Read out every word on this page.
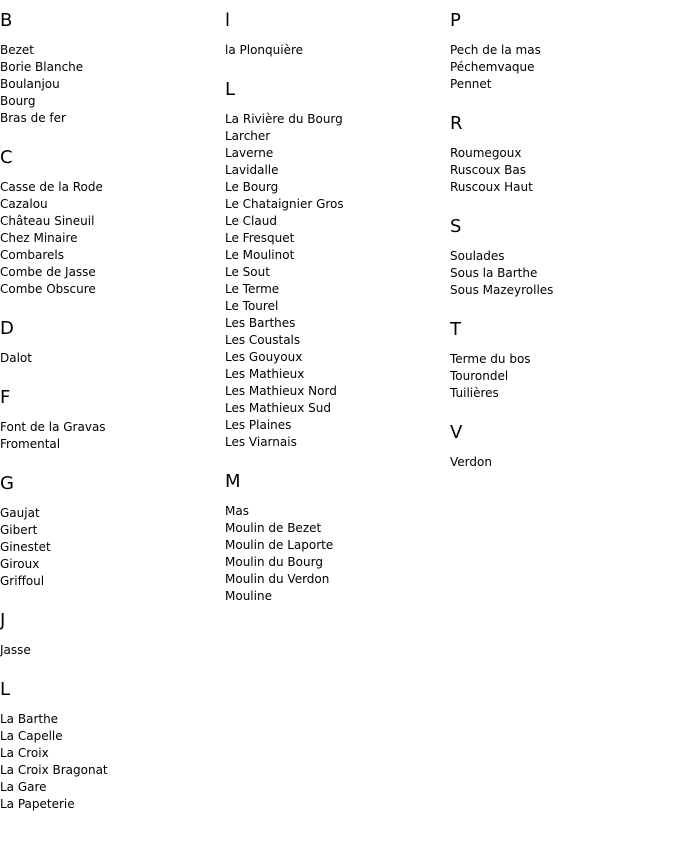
B
Bezet
Borie Blanche
Boulanjou
Bourg
Bras de fer
C
Casse de la Rode
Cazalou
Château Sineuil
Chez Minaire
Combarels
Combe de Jasse
Combe Obscure
D
Dalot
F
Font de la Gravas
Fromental
G
Gaujat
Gibert
Ginestet
Giroux
Griffoul
J
Jasse
L
La Barthe
La Capelle
La Croix
La Croix Bragonat
La Gare
La Papeterie
l
la Plonquière
L
La Rivière du Bourg
Larcher
Laverne
Lavidalle
Le Bourg
Le Chataignier Gros
Le Claud
Le Fresquet
Le Moulinot
Le Sout
Le Terme
Le Tourel
Les Barthes
Les Coustals
Les Gouyoux
Les Mathieux
Les Mathieux Nord
Les Mathieux Sud
Les Plaines
Les Viarnais
M
Mas
Moulin de Bezet
Moulin de Laporte
Moulin du Bourg
Moulin du Verdon
Mouline
P
Pech de la mas
Péchemvaque
Pennet
R
Roumegoux
Ruscoux Bas
Ruscoux Haut
S
Soulades
Sous la Barthe
Sous Mazeyrolles
T
Terme du bos
Tourondel
Tuilières
V
Verdon
